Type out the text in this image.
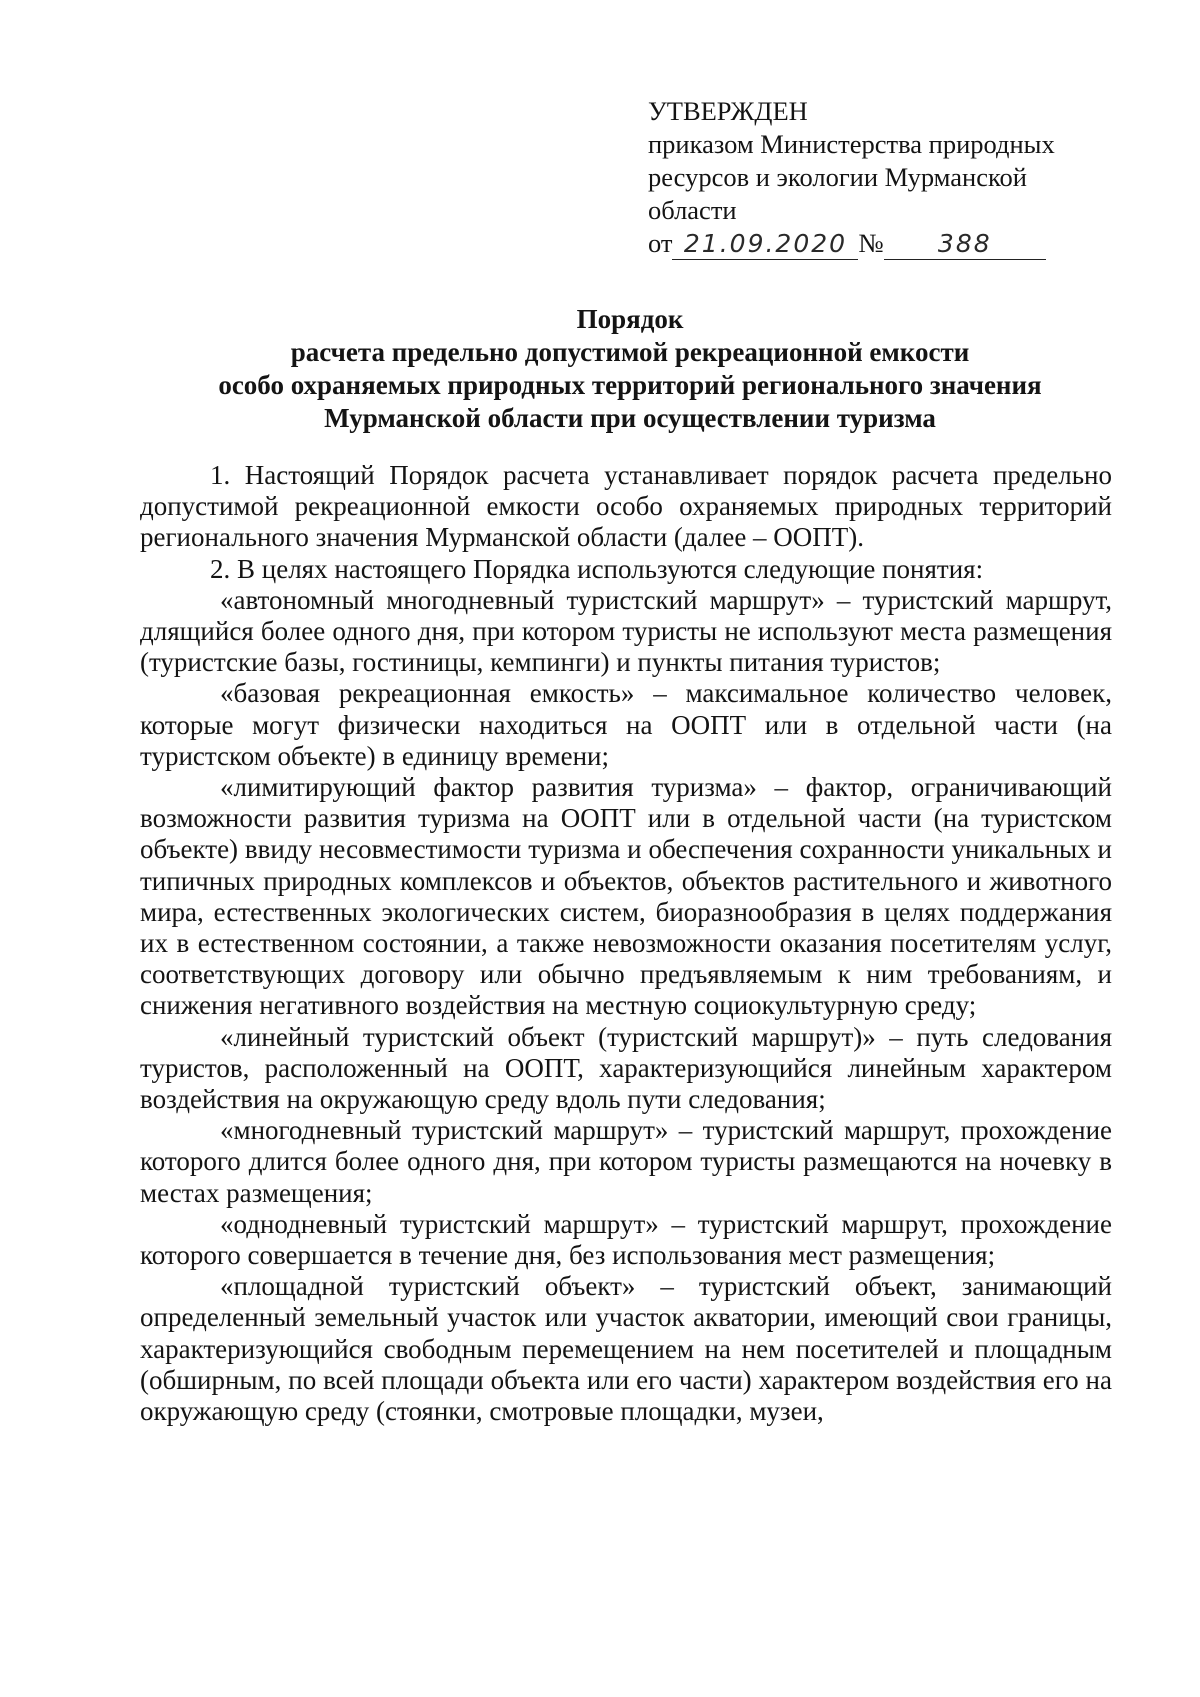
УТВЕРЖДЕН
приказом Министерства природных
ресурсов и экологии Мурманской
области
от 21.09.2020 № 388
Порядок
расчета предельно допустимой рекреационной емкости
особо охраняемых природных территорий регионального значения
Мурманской области при осуществлении туризма

1. Настоящий Порядок расчета устанавливает порядок расчета предельно допустимой рекреационной емкости особо охраняемых природных территорий регионального значения Мурманской области (далее – ООПТ).

2. В целях настоящего Порядка используются следующие понятия:

«автономный многодневный туристский маршрут» – туристский маршрут, длящийся более одного дня, при котором туристы не используют места размещения (туристские базы, гостиницы, кемпинги) и пункты питания туристов;

«базовая рекреационная емкость» – максимальное количество человек, которые могут физически находиться на ООПТ или в отдельной части (на туристском объекте) в единицу времени;

«лимитирующий фактор развития туризма» – фактор, ограничивающий возможности развития туризма на ООПТ или в отдельной части (на туристском объекте) ввиду несовместимости туризма и обеспечения сохранности уникальных и типичных природных комплексов и объектов, объектов растительного и животного мира, естественных экологических систем, биоразнообразия в целях поддержания их в естественном состоянии, а также невозможности оказания посетителям услуг, соответствующих договору или обычно предъявляемым к ним требованиям, и снижения негативного воздействия на местную социокультурную среду;

«линейный туристский объект (туристский маршрут)» – путь следования туристов, расположенный на ООПТ, характеризующийся линейным характером воздействия на окружающую среду вдоль пути следования;

«многодневный туристский маршрут» – туристский маршрут, прохождение которого длится более одного дня, при котором туристы размещаются на ночевку в местах размещения;

«однодневный туристский маршрут» – туристский маршрут, прохождение которого совершается в течение дня, без использования мест размещения;

«площадной туристский объект» – туристский объект, занимающий определенный земельный участок или участок акватории, имеющий свои границы, характеризующийся свободным перемещением на нем посетителей и площадным (обширным, по всей площади объекта или его части) характером воздействия его на окружающую среду (стоянки, смотровые площадки, музеи,
